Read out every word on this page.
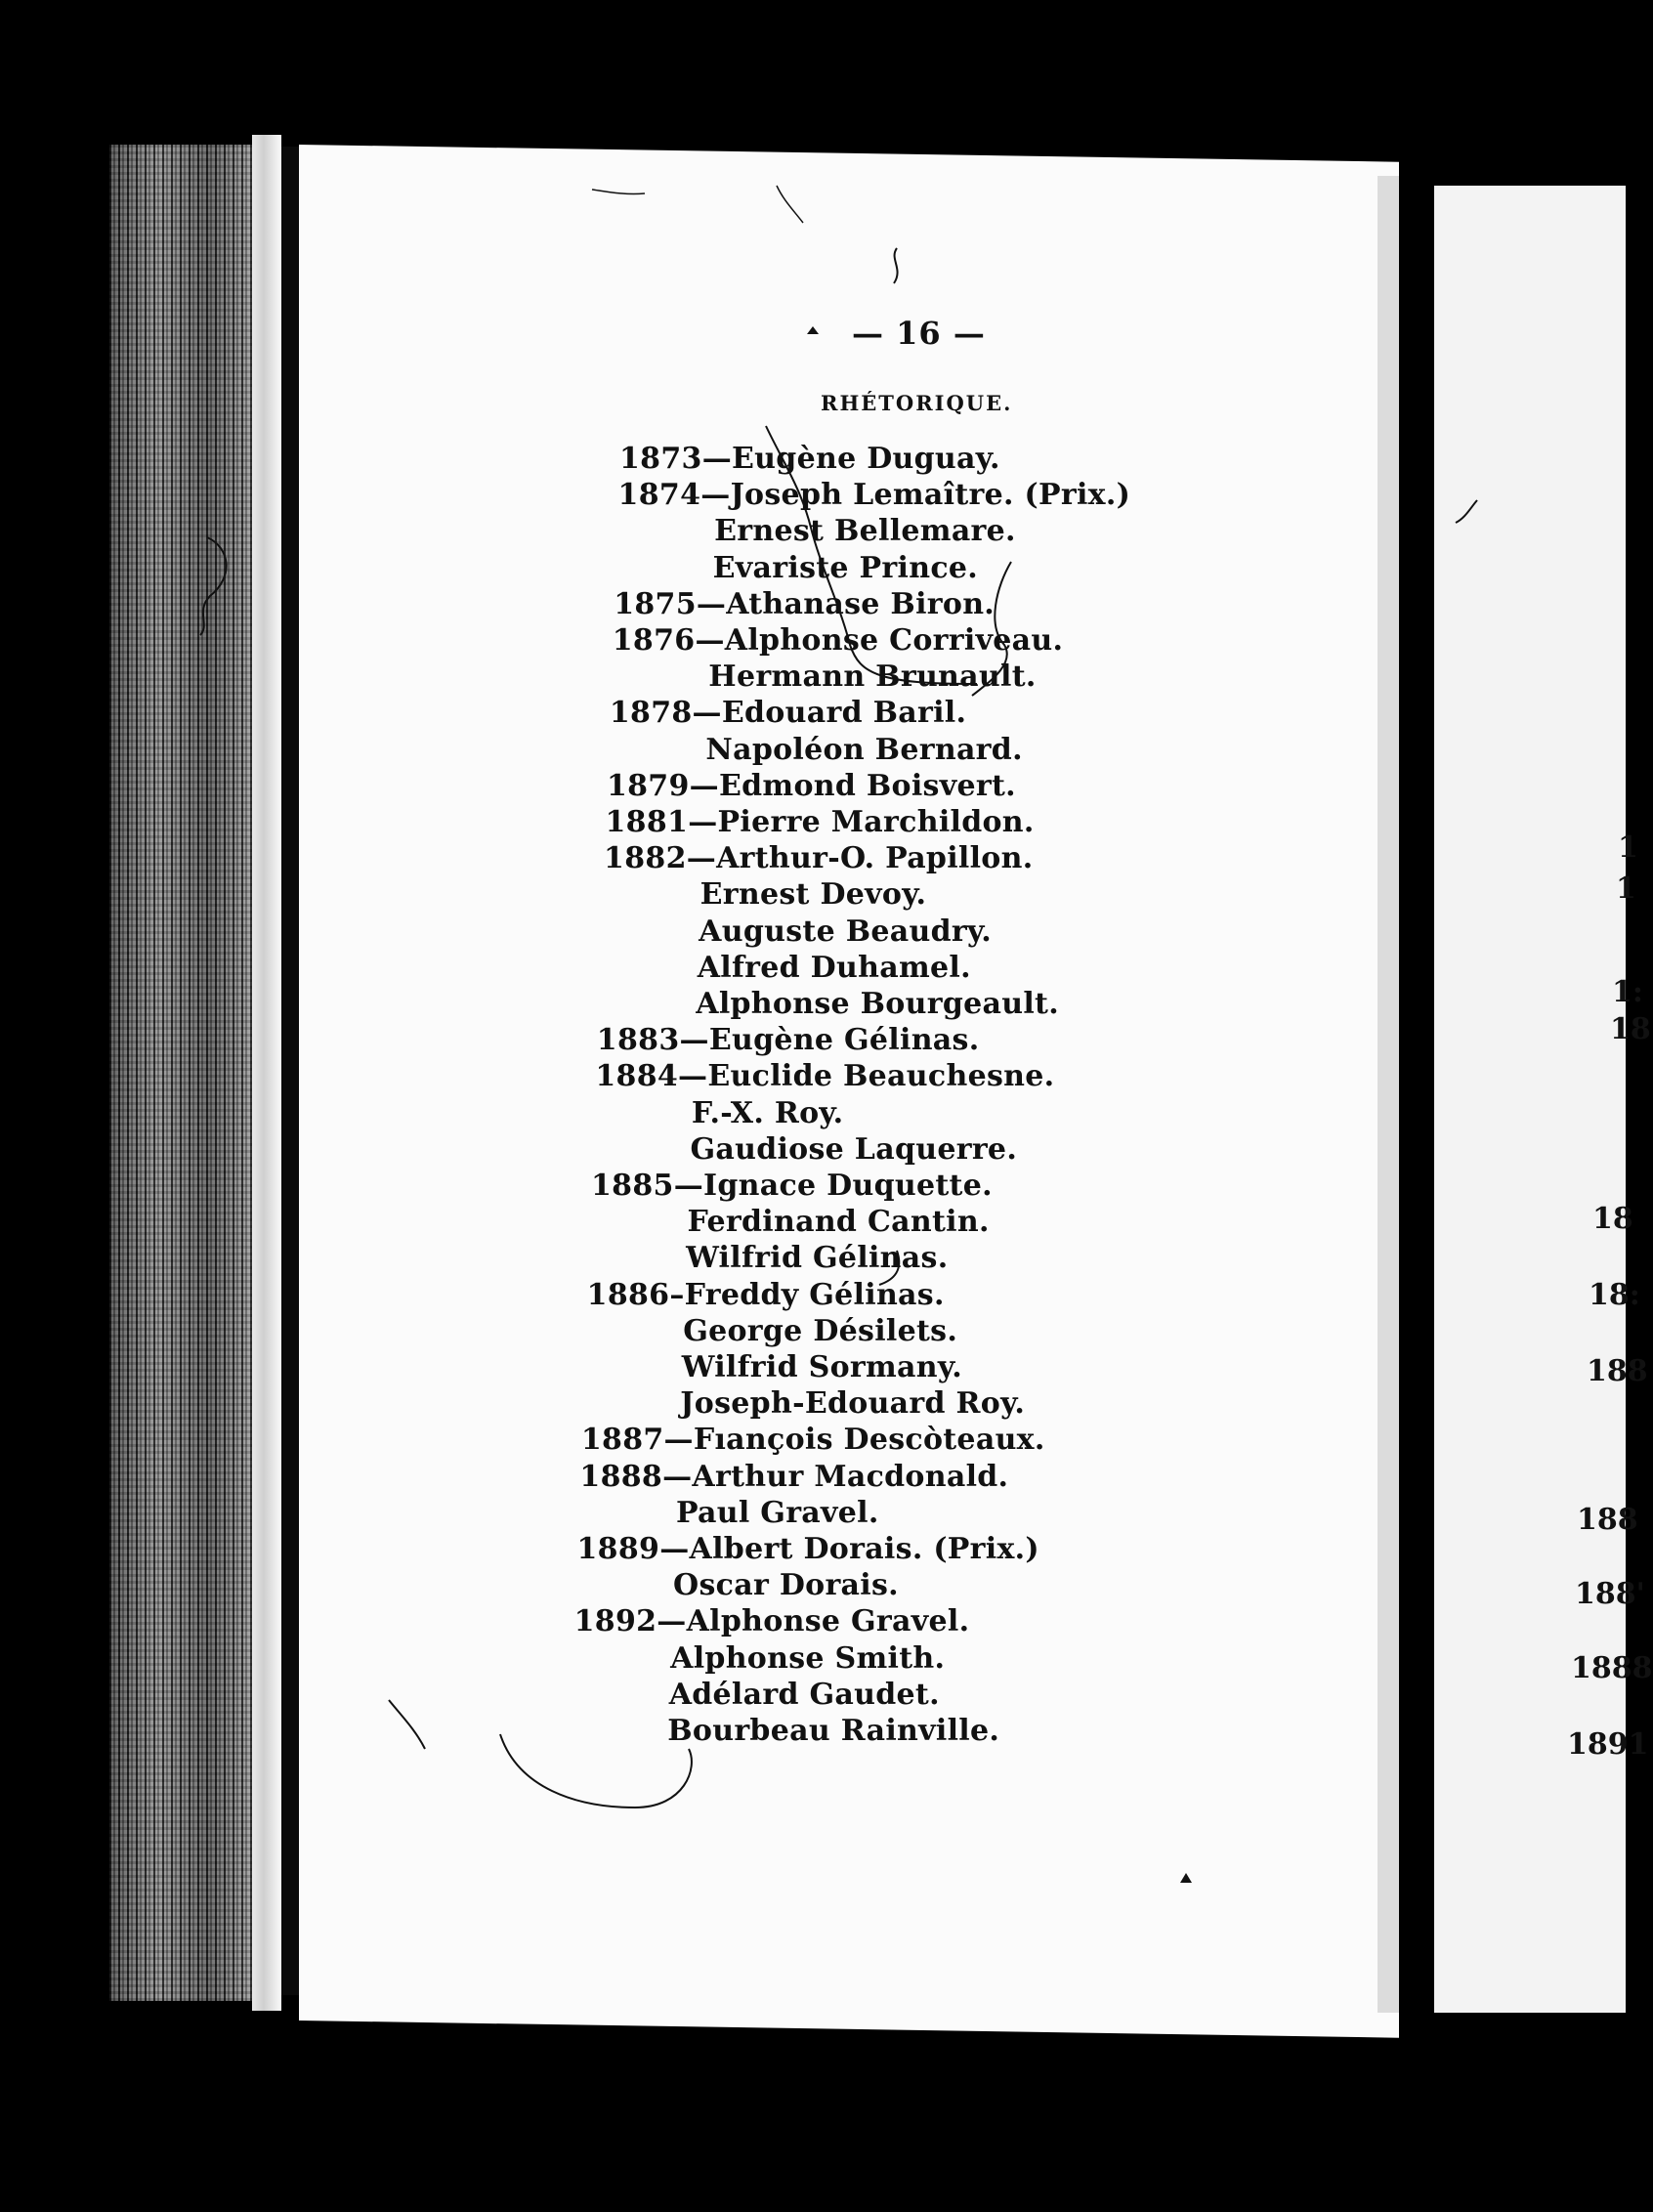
1
1
1:
18
18
18:
188
188
188'
1888
1891
— 16 —
RHÉTORIQUE.
1873—Eugène Duguay.
1874—Joseph Lemaître. (Prix.)
Ernest Bellemare.
Evariste Prince.
1875—Athanase Biron.
1876—Alphonse Corriveau.
Hermann Brunault.
1878—Edouard Baril.
Napoléon Bernard.
1879—Edmond Boisvert.
1881—Pierre Marchildon.
1882—Arthur-O. Papillon.
Ernest Devoy.
Auguste Beaudry.
Alfred Duhamel.
Alphonse Bourgeault.
1883—Eugène Gélinas.
1884—Euclide Beauchesne.
F.-X. Roy.
Gaudiose Laquerre.
1885—Ignace Duquette.
Ferdinand Cantin.
Wilfrid Gélinas.
1886–Freddy Gélinas.
George Désilets.
Wilfrid Sormany.
Joseph-Edouard Roy.
1887—Fıançois Descòteaux.
1888—Arthur Macdonald.
Paul Gravel.
1889—Albert Dorais. (Prix.)
Oscar Dorais.
1892—Alphonse Gravel.
Alphonse Smith.
Adélard Gaudet.
Bourbeau Rainville.
